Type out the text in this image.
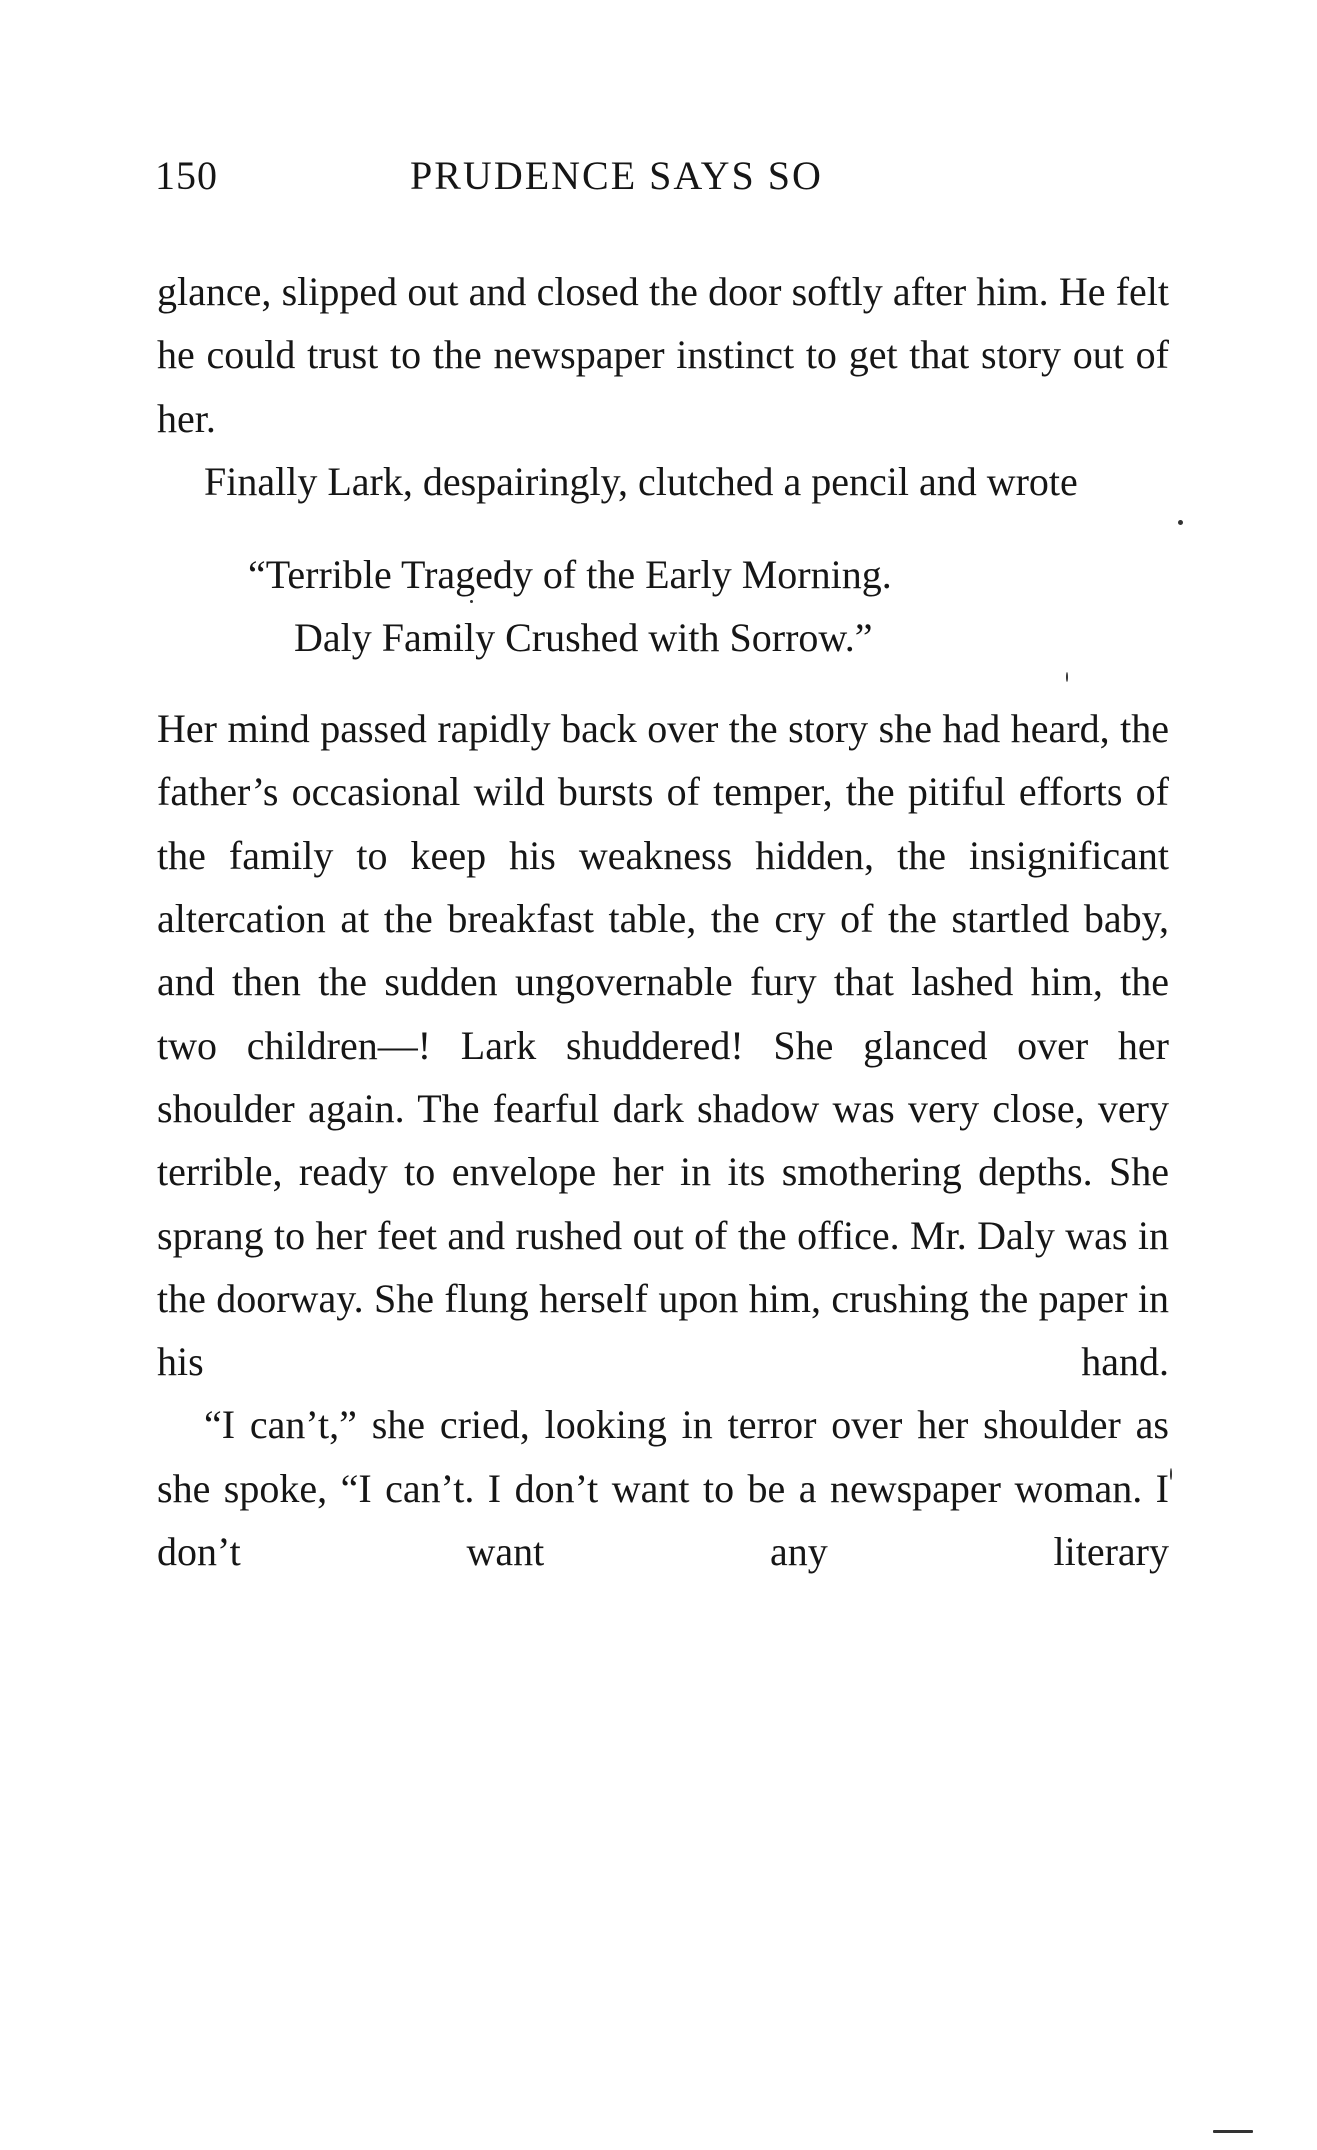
150	PRUDENCE SAYS SO

glance, slipped out and closed the door softly after him. He felt he could trust to the newspaper instinct to get that story out of her.

Finally Lark, despairingly, clutched a pencil and wrote

“Terrible Tragedy of the Early Morning.
Daly Family Crushed with Sorrow.”

Her mind passed rapidly back over the story she had heard, the father’s occasional wild bursts of temper, the pitiful efforts of the family to keep his weakness hidden, the insignificant altercation at the breakfast table, the cry of the startled baby, and then the sudden ungovernable fury that lashed him, the two children—! Lark shuddered! She glanced over her shoulder again. The fearful dark shadow was very close, very terrible, ready to envelope her in its smothering depths. She sprang to her feet and rushed out of the office. Mr. Daly was in the doorway. She flung herself upon him, crushing the paper in his hand.

“I can’t,” she cried, looking in terror over her shoulder as she spoke, “I can’t. I don’t want to be a newspaper woman. I don’t want any literary
